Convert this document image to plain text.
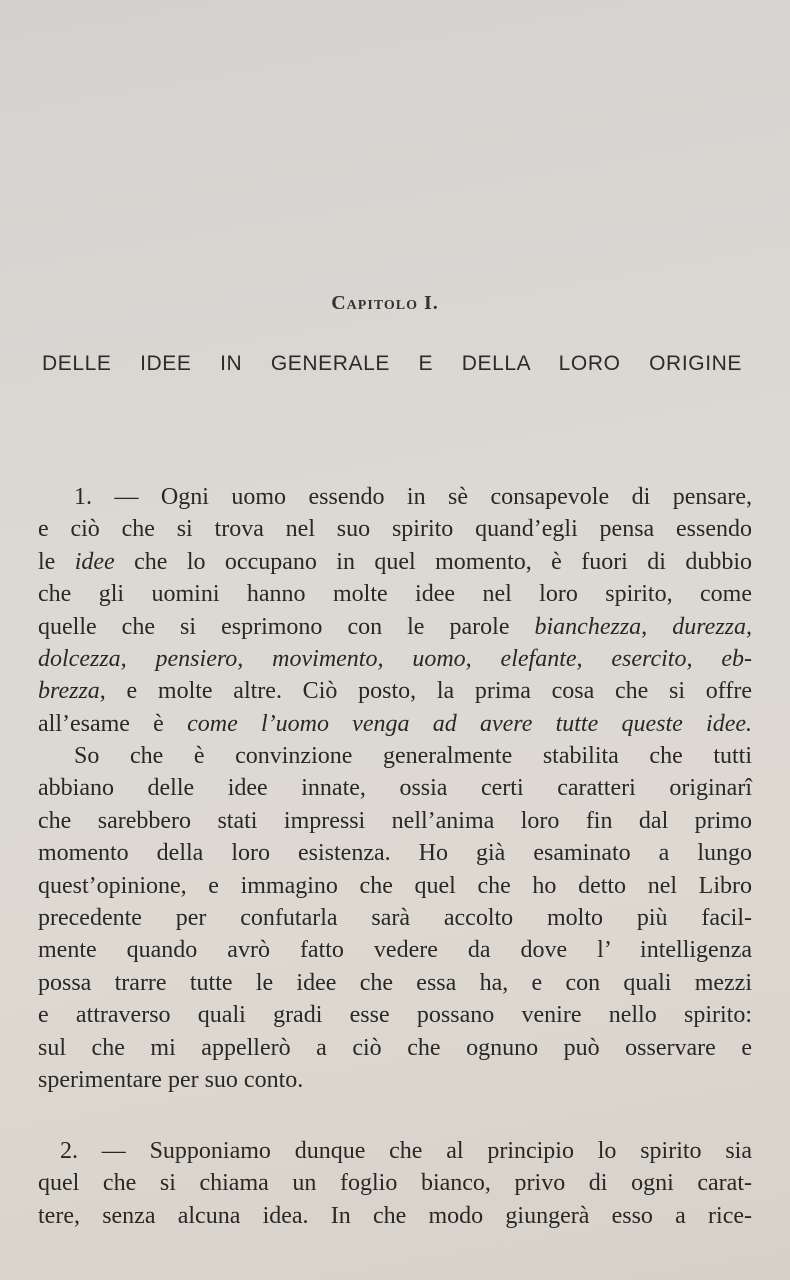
Capitolo I.
DELLE IDEE IN GENERALE E DELLA LORO ORIGINE
1. — Ogni uomo essendo in sè consapevole di pensare,
e ciò che si trova nel suo spirito quand’egli pensa essendo
le idee che lo occupano in quel momento, è fuori di dubbio
che gli uomini hanno molte idee nel loro spirito, come
quelle che si esprimono con le parole bianchezza, durezza,
dolcezza, pensiero, movimento, uomo, elefante, esercito, eb-
brezza, e molte altre. Ciò posto, la prima cosa che si offre
all’esame è come l’uomo venga ad avere tutte queste idee.
So che è convinzione generalmente stabilita che tutti
abbiano delle idee innate, ossia certi caratteri originarî
che sarebbero stati impressi nell’anima loro fin dal primo
momento della loro esistenza. Ho già esaminato a lungo
quest’opinione, e immagino che quel che ho detto nel Libro
precedente per confutarla sarà accolto molto più facil-
mente quando avrò fatto vedere da dove l’ intelligenza
possa trarre tutte le idee che essa ha, e con quali mezzi
e attraverso quali gradi esse possano venire nello spirito:
sul che mi appellerò a ciò che ognuno può osservare e
sperimentare per suo conto.
2. — Supponiamo dunque che al principio lo spirito sia
quel che si chiama un foglio bianco, privo di ogni carat-
tere, senza alcuna idea. In che modo giungerà esso a rice-
